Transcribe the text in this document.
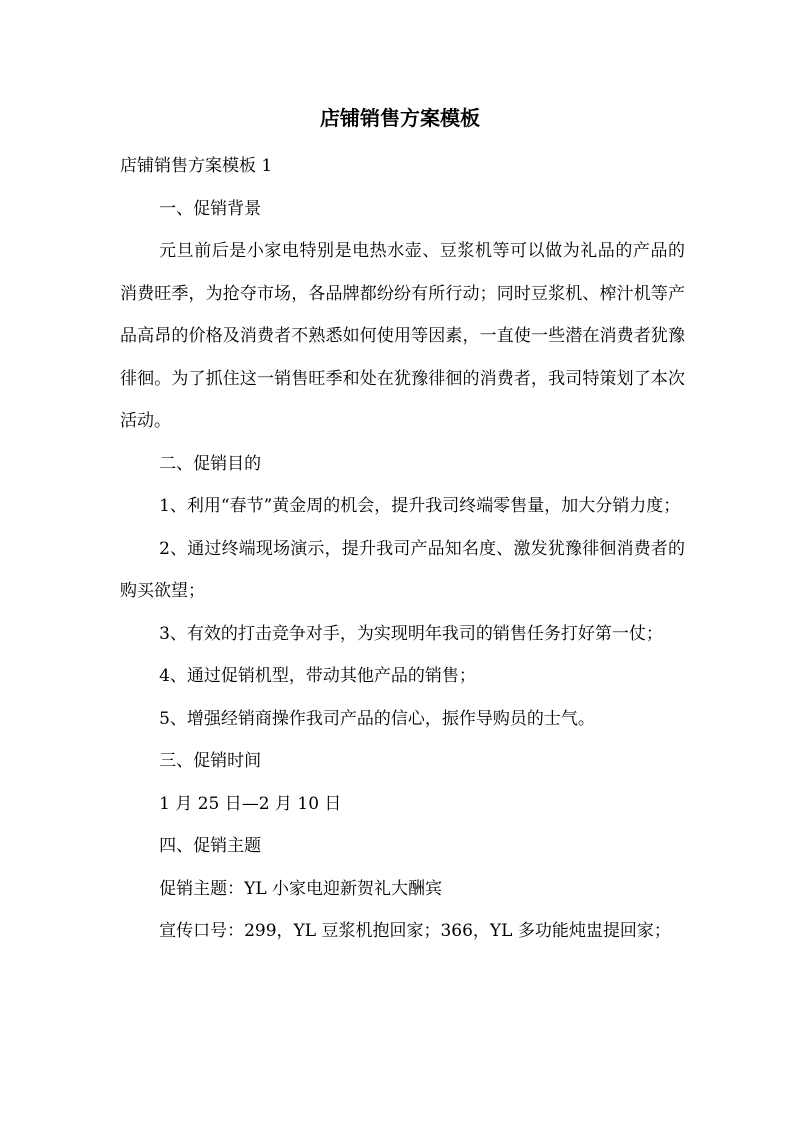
店铺销售方案模板

店铺销售方案模板 1

一、促销背景

元旦前后是小家电特别是电热水壶、豆浆机等可以做为礼品的产品的消费旺季，为抢夺市场，各品牌都纷纷有所行动；同时豆浆机、榨汁机等产品高昂的价格及消费者不熟悉如何使用等因素，一直使一些潜在消费者犹豫徘徊。为了抓住这一销售旺季和处在犹豫徘徊的消费者，我司特策划了本次活动。

二、促销目的

1、利用“春节”黄金周的机会，提升我司终端零售量，加大分销力度；

2、通过终端现场演示，提升我司产品知名度、激发犹豫徘徊消费者的购买欲望；

3、有效的打击竞争对手，为实现明年我司的销售任务打好第一仗；

4、通过促销机型，带动其他产品的销售；

5、增强经销商操作我司产品的信心，振作导购员的士气。

三、促销时间

1 月 25 日—2 月 10 日

四、促销主题

促销主题：YL 小家电迎新贺礼大酬宾

宣传口号：299，YL 豆浆机抱回家；366，YL 多功能炖盅提回家；
